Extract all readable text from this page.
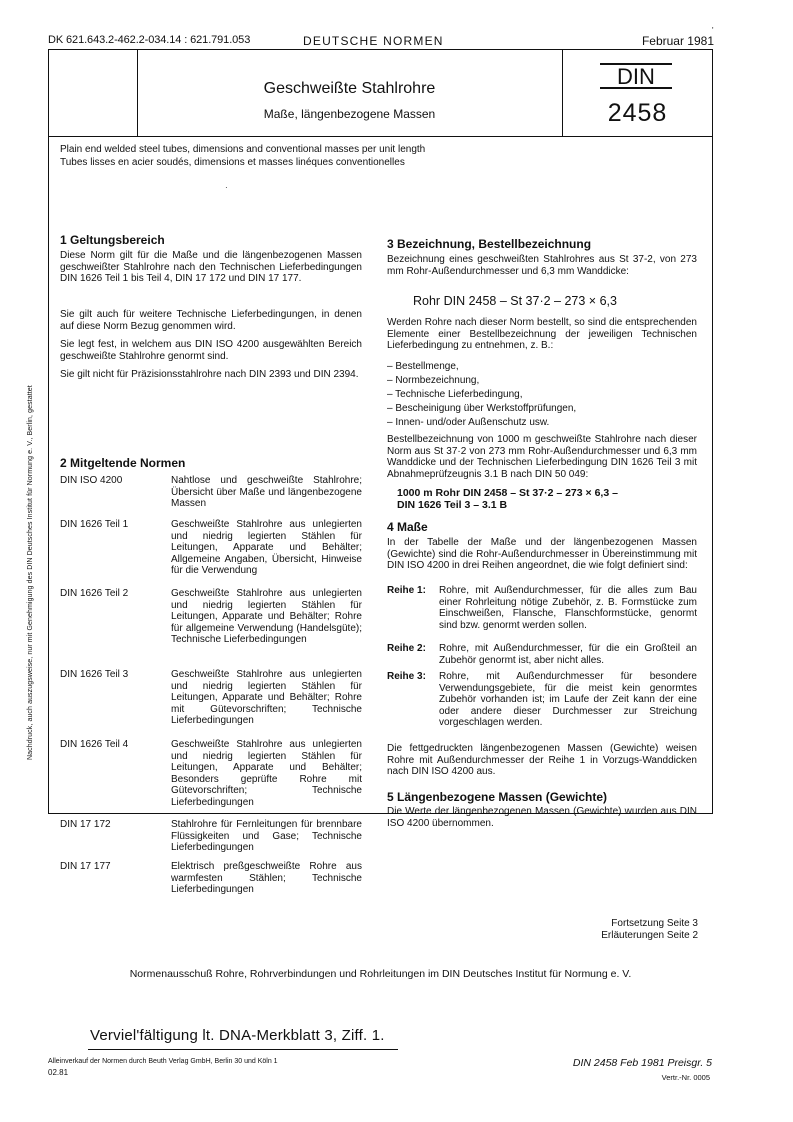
DK 621.643.2-462.2-034.14 : 621.791.053	DEUTSCHE NORMEN	Februar 1981
Geschweißte Stahlrohre
Maße, längenbezogene Massen
DIN
2458
Plain end welded steel tubes, dimensions and conventional masses per unit length
Tubes lisses en acier soudés, dimensions et masses linéques conventionelles
·
1 Geltungsbereich
Diese Norm gilt für die Maße und die längenbezogenen Massen geschweißter Stahlrohre nach den Technischen Lieferbedingungen DIN 1626 Teil 1 bis Teil 4, DIN 17 172 und DIN 17 177.
Sie gilt auch für weitere Technische Lieferbedingungen, in denen auf diese Norm Bezug genommen wird.
Sie legt fest, in welchem aus DIN ISO 4200 ausgewählten Bereich geschweißte Stahlrohre genormt sind.
Sie gilt nicht für Präzisionsstahlrohre nach DIN 2393 und DIN 2394.
2 Mitgeltende Normen
DIN ISO 4200	Nahtlose und geschweißte Stahlrohre; Übersicht über Maße und längenbezogene Massen
DIN 1626 Teil 1	Geschweißte Stahlrohre aus unlegierten und niedrig legierten Stählen für Leitungen, Apparate und Behälter; Allgemeine Angaben, Übersicht, Hinweise für die Verwendung
DIN 1626 Teil 2	Geschweißte Stahlrohre aus unlegierten und niedrig legierten Stählen für Leitungen, Apparate und Behälter; Rohre für allgemeine Verwendung (Handelsgüte); Technische Lieferbedingungen
DIN 1626 Teil 3	Geschweißte Stahlrohre aus unlegierten und niedrig legierten Stählen für Leitungen, Apparate und Behälter; Rohre mit Gütevorschriften; Technische Lieferbedingungen
DIN 1626 Teil 4	Geschweißte Stahlrohre aus unlegierten und niedrig legierten Stählen für Leitungen, Apparate und Behälter; Besonders geprüfte Rohre mit Gütevorschriften; Technische Lieferbedingungen
DIN 17 172	Stahlrohre für Fernleitungen für brennbare Flüssigkeiten und Gase; Technische Lieferbedingungen
DIN 17 177	Elektrisch preßgeschweißte Rohre aus warmfesten Stählen; Technische Lieferbedingungen
3 Bezeichnung, Bestellbezeichnung
Bezeichnung eines geschweißten Stahlrohres aus St 37-2, von 273 mm Rohr-Außendurchmesser und 6,3 mm Wanddicke:
Rohr DIN 2458 – St 37·2 – 273 × 6,3
Werden Rohre nach dieser Norm bestellt, so sind die entsprechenden Elemente einer Bestellbezeichnung der jeweiligen Technischen Lieferbedingung zu entnehmen, z. B.:
– Bestellmenge,
– Normbezeichnung,
– Technische Lieferbedingung,
– Bescheinigung über Werkstoffprüfungen,
– Innen- und/oder Außenschutz usw.
Bestellbezeichnung von 1000 m geschweißte Stahlrohre nach dieser Norm aus St 37·2 von 273 mm Rohr-Außendurchmesser und 6,3 mm Wanddicke und der Technischen Lieferbedingung DIN 1626 Teil 3 mit Abnahmeprüfzeugnis 3.1 B nach DIN 50 049:
1000 m Rohr DIN 2458 – St 37·2 – 273 × 6,3 –
DIN 1626 Teil 3 – 3.1 B
4 Maße
In der Tabelle der Maße und der längenbezogenen Massen (Gewichte) sind die Rohr-Außendurchmesser in Übereinstimmung mit DIN ISO 4200 in drei Reihen angeordnet, die wie folgt definiert sind:
Reihe 1: Rohre, mit Außendurchmesser, für die alles zum Bau einer Rohrleitung nötige Zubehör, z. B. Formstücke zum Einschweißen, Flansche, Flanschformstücke, genormt sind bzw. genormt werden sollen.
Reihe 2: Rohre, mit Außendurchmesser, für die ein Großteil an Zubehör genormt ist, aber nicht alles.
Reihe 3: Rohre, mit Außendurchmesser für besondere Verwendungsgebiete, für die meist kein genormtes Zubehör vorhanden ist; im Laufe der Zeit kann der eine oder andere dieser Durchmesser zur Streichung vorgeschlagen werden.
Die fettgedruckten längenbezogenen Massen (Gewichte) weisen Rohre mit Außendurchmesser der Reihe 1 in Vorzugs-Wanddicken nach DIN ISO 4200 aus.
5 Längenbezogene Massen (Gewichte)
Die Werte der längenbezogenen Massen (Gewichte) wurden aus DIN ISO 4200 übernommen.
Fortsetzung Seite 3
Erläuterungen Seite 2
Normenausschuß Rohre, Rohrverbindungen und Rohrleitungen im DIN Deutsches Institut für Normung e. V.
Verviel'fältigung lt. DNA-Merkblatt 3, Ziff. 1.
Alleinverkauf der Normen durch Beuth Verlag GmbH, Berlin 30 und Köln 1
02.81
DIN 2458 Feb 1981 Preisgr. 5
Vertr.-Nr. 0005
Nachdruck, auch auszugsweise, nur mit Genehmigung des DIN Deutsches Institut für Normung e. V., Berlin, gestattet
'
